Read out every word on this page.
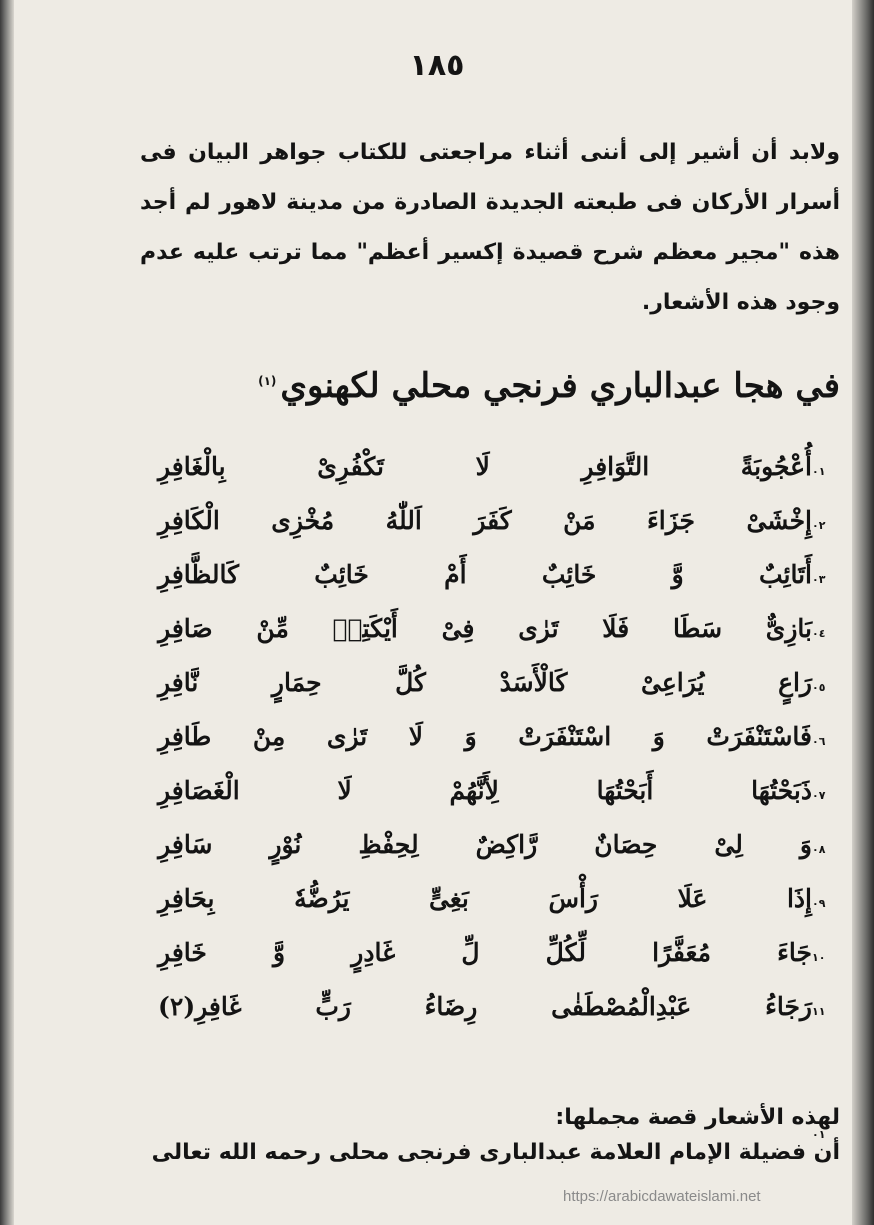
١٨٥
ولابد أن أشير إلى أننى أثناء مراجعتى للكتاب جواهر البيان فى أسرار الأركان فى طبعته الجديدة الصادرة من مدينة لاهور لم أجد هذه "مجير معظم شرح قصيدة إكسير أعظم" مما ترتب عليه عدم وجود هذه الأشعار.
في هجا عبدالباري فرنجي محلي لكهنوي$^{(١)}$
٠١
أُعْجُوبَةً
التَّوَافِرِ
لَا
تَكْفُرِىْ
بِالْغَافِرِ
٠٢
إِخْشَىْ
جَزَاءَ
مَنْ
كَفَرَ
اَللّٰهُ
مُخْزِى
الْكَافِرِ
٠٣
أَتَائِبٌ
وَّ
خَائِبٌ
أَمْ
خَائِبٌ
كَالظَّافِرِ
٠٤
بَازِىٌّ
سَطَا
فَلَا
تَرٰى
فِىْ
أَيْكَتِهٖ
مِّنْ
صَافِرِ
٠٥
رَاعٍ
يُرَاعِىْ
كَالْأَسَدْ
كُلَّ
حِمَارٍ
نَّافِرِ
٠٦
فَاسْتَنْفَرَتْ
وَ
اسْتَنْفَرَتْ
وَ
لَا
تَرٰى
مِنْ
طَافِرِ
٠٧
ذَبَحْتُهَا
أَبَحْتُهَا
لِأَنَّهُمْ
لَا
الْغَصَافِرِ
٠٨
وَ
لِىْ
حِصَانٌ
رَّاكِضٌ
لِحِفْظِ
نُوْرٍ
سَافِرِ
٠٩
إِذَا
عَلَا
رَأْسَ
بَغِىٍّ
يَرُضُّهٗ
بِحَافِرِ
١٠
جَاءَ
مُعَفَّرًا
لِّكُلِّ
لِّ
غَادِرٍ
وَّ
خَافِرِ
١١
رَجَاءُ
عَبْدِالْمُصْطَفٰى
رِضَاءُ
رَبٍّ
غَافِرِ(٢)
لهذه الأشعار قصة مجملها:
٠١
أن فضيلة الإمام العلامة عبدالبارى فرنجى محلى رحمه الله تعالى
https://arabicdawateislami.net
